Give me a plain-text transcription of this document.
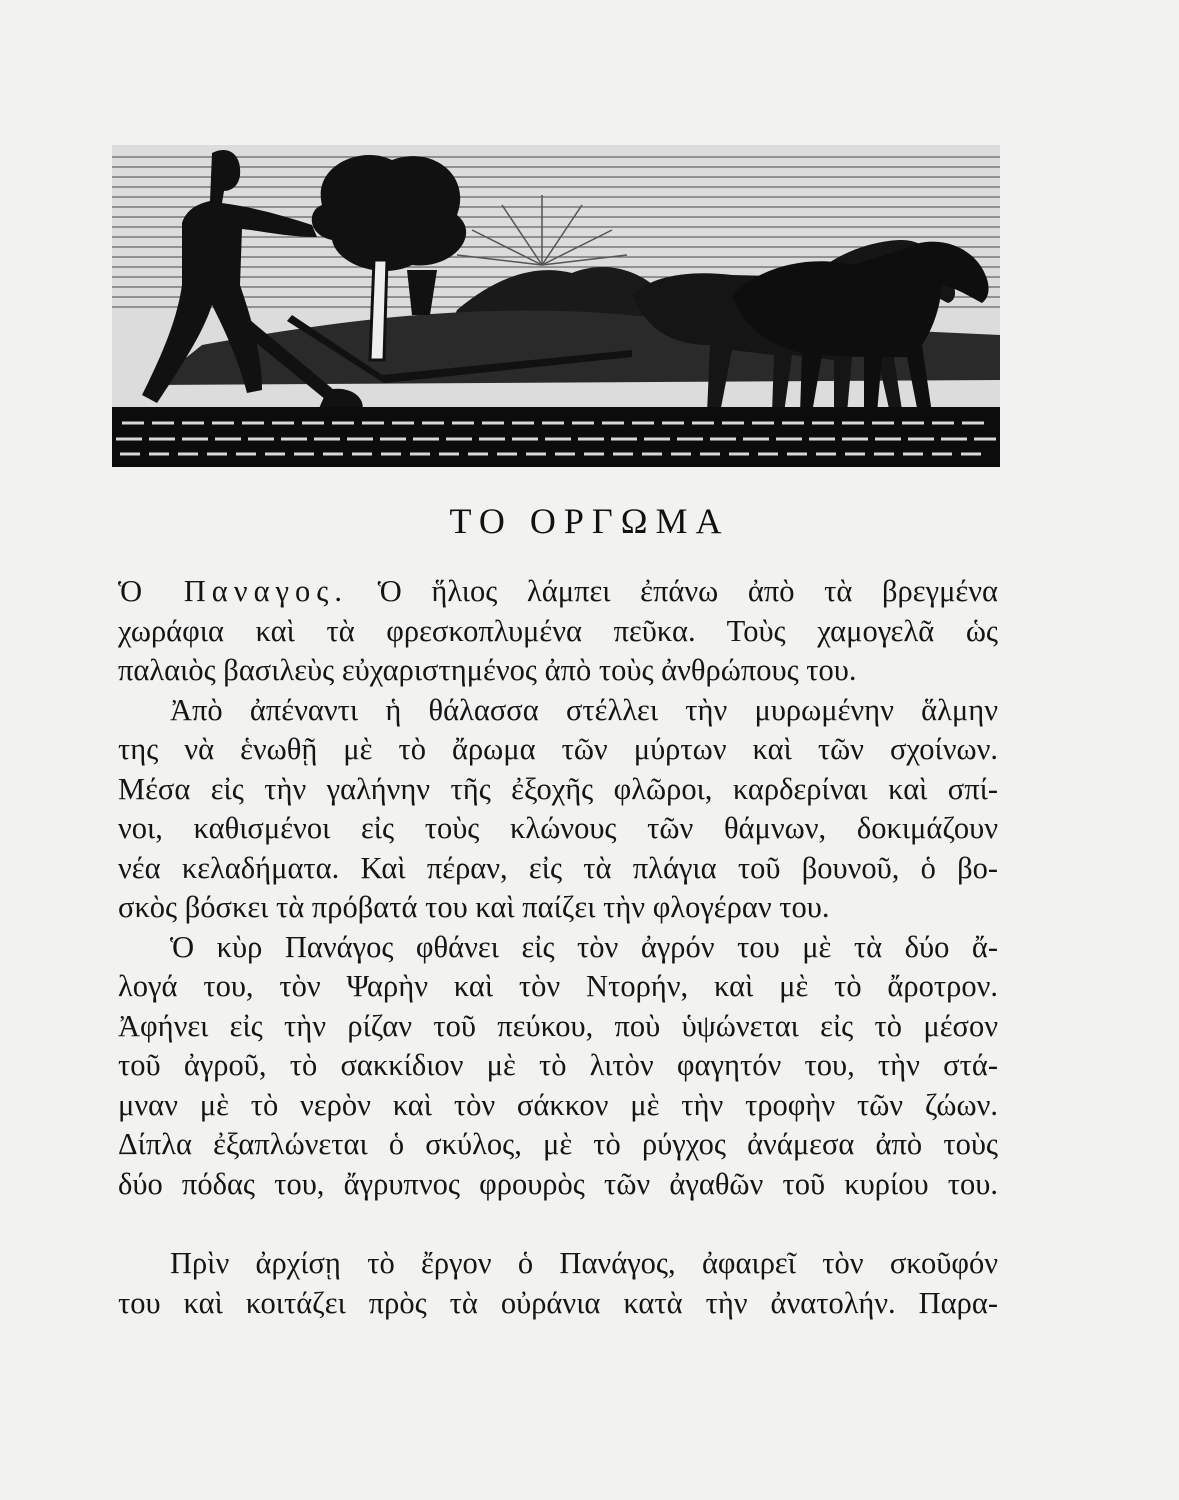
ΤΟ ΟΡΓΩΜΑ
Ὁ Παναγος. Ὁ ἥλιος λάμπει ἐπάνω ἀπὸ τὰ βρεγμένα
χωράφια καὶ τὰ φρεσκοπλυμένα πεῦκα. Τοὺς χαμογελᾶ ὡς
παλαιὸς βασιλεὺς εὐχαριστημένος ἀπὸ τοὺς ἀνθρώπους του.
Ἀπὸ ἀπέναντι ἡ θάλασσα στέλλει τὴν μυρωμένην ἅλμην
της νὰ ἑνωθῇ μὲ τὸ ἄρωμα τῶν μύρτων καὶ τῶν σχοίνων.
Μέσα εἰς τὴν γαλήνην τῆς ἐξοχῆς φλῶροι, καρδερίναι καὶ σπί-
νοι, καθισμένοι εἰς τοὺς κλώνους τῶν θάμνων, δοκιμάζουν
νέα κελαδήματα. Καὶ πέραν, εἰς τὰ πλάγια τοῦ βουνοῦ, ὁ βο-
σκὸς βόσκει τὰ πρόβατά του καὶ παίζει τὴν φλογέραν του.
Ὁ κὺρ Πανάγος φθάνει εἰς τὸν ἀγρόν του μὲ τὰ δύο ἄ-
λογά του, τὸν Ψαρὴν καὶ τὸν Ντορήν, καὶ μὲ τὸ ἄροτρον.
Ἀφήνει εἰς τὴν ρίζαν τοῦ πεύκου, ποὺ ὑψώνεται εἰς τὸ μέσον
τοῦ ἀγροῦ, τὸ σακκίδιον μὲ τὸ λιτὸν φαγητόν του, τὴν στά-
μναν μὲ τὸ νερὸν καὶ τὸν σάκκον μὲ τὴν τροφὴν τῶν ζώων.
Δίπλα ἐξαπλώνεται ὁ σκύλος, μὲ τὸ ρύγχος ἀνάμεσα ἀπὸ τοὺς
δύο πόδας του, ἄγρυπνος φρουρὸς τῶν ἀγαθῶν τοῦ κυρίου του.
Πρὶν ἀρχίσῃ τὸ ἔργον ὁ Πανάγος, ἀφαιρεῖ τὸν σκοῦφόν
του καὶ κοιτάζει πρὸς τὰ οὐράνια κατὰ τὴν ἀνατολήν. Παρα-
